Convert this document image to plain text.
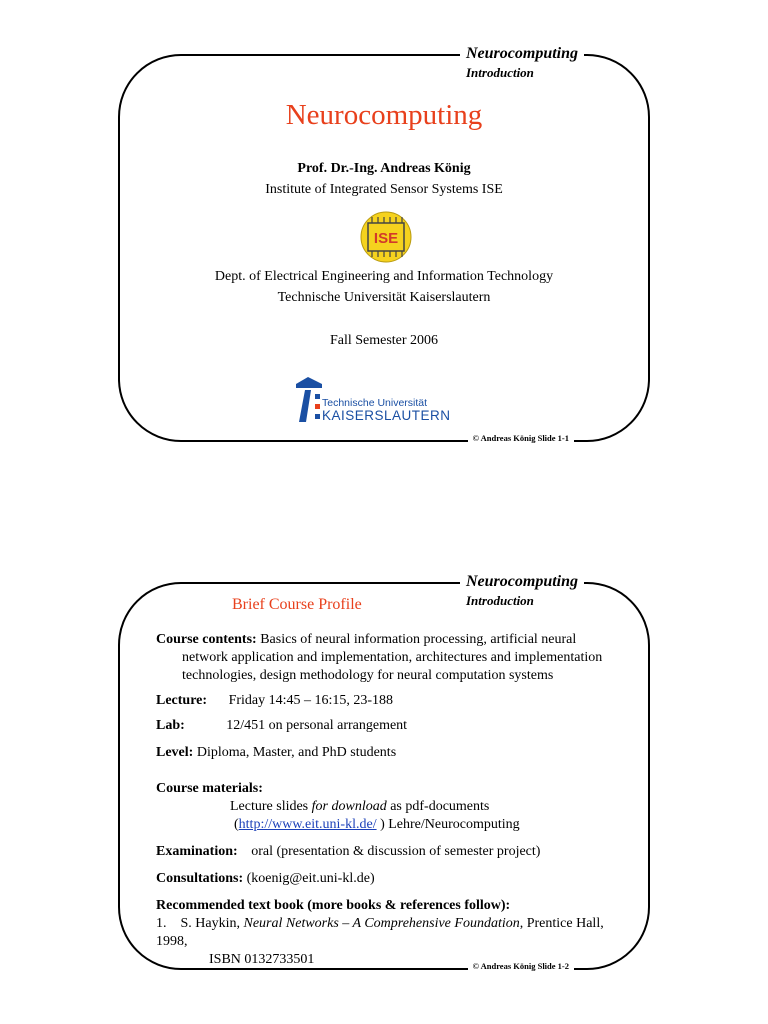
Neurocomputing
Introduction
Neurocomputing
Prof. Dr.-Ing. Andreas König
Institute of Integrated Sensor Systems ISE
ISE
Dept. of Electrical Engineering and Information Technology
Technische Universität Kaiserslautern
Fall Semester 2006
Technische Universität
KAISERSLAUTERN
© Andreas König Slide 1-1
Neurocomputing
Introduction
Brief Course Profile

Course contents: Basics of neural information processing, artificial neural

network application and implementation, architectures and implementation technologies, design methodology for neural computation systems

Lecture: Friday 14:45 – 16:15, 23-188

Lab:	12/451 on personal arrangement

Level: Diploma, Master, and PhD students

Course materials:

Lecture slides for download as pdf-documents

(http://www.eit.uni-kl.de/ ) Lehre/Neurocomputing

Examination: oral (presentation & discussion of semester project)

Consultations: (koenig@eit.uni-kl.de)

Recommended text book (more books & references follow):

1. S. Haykin, Neural Networks – A Comprehensive Foundation, Prentice Hall, 1998,

ISBN 0132733501	© Andreas König Slide 1-2
